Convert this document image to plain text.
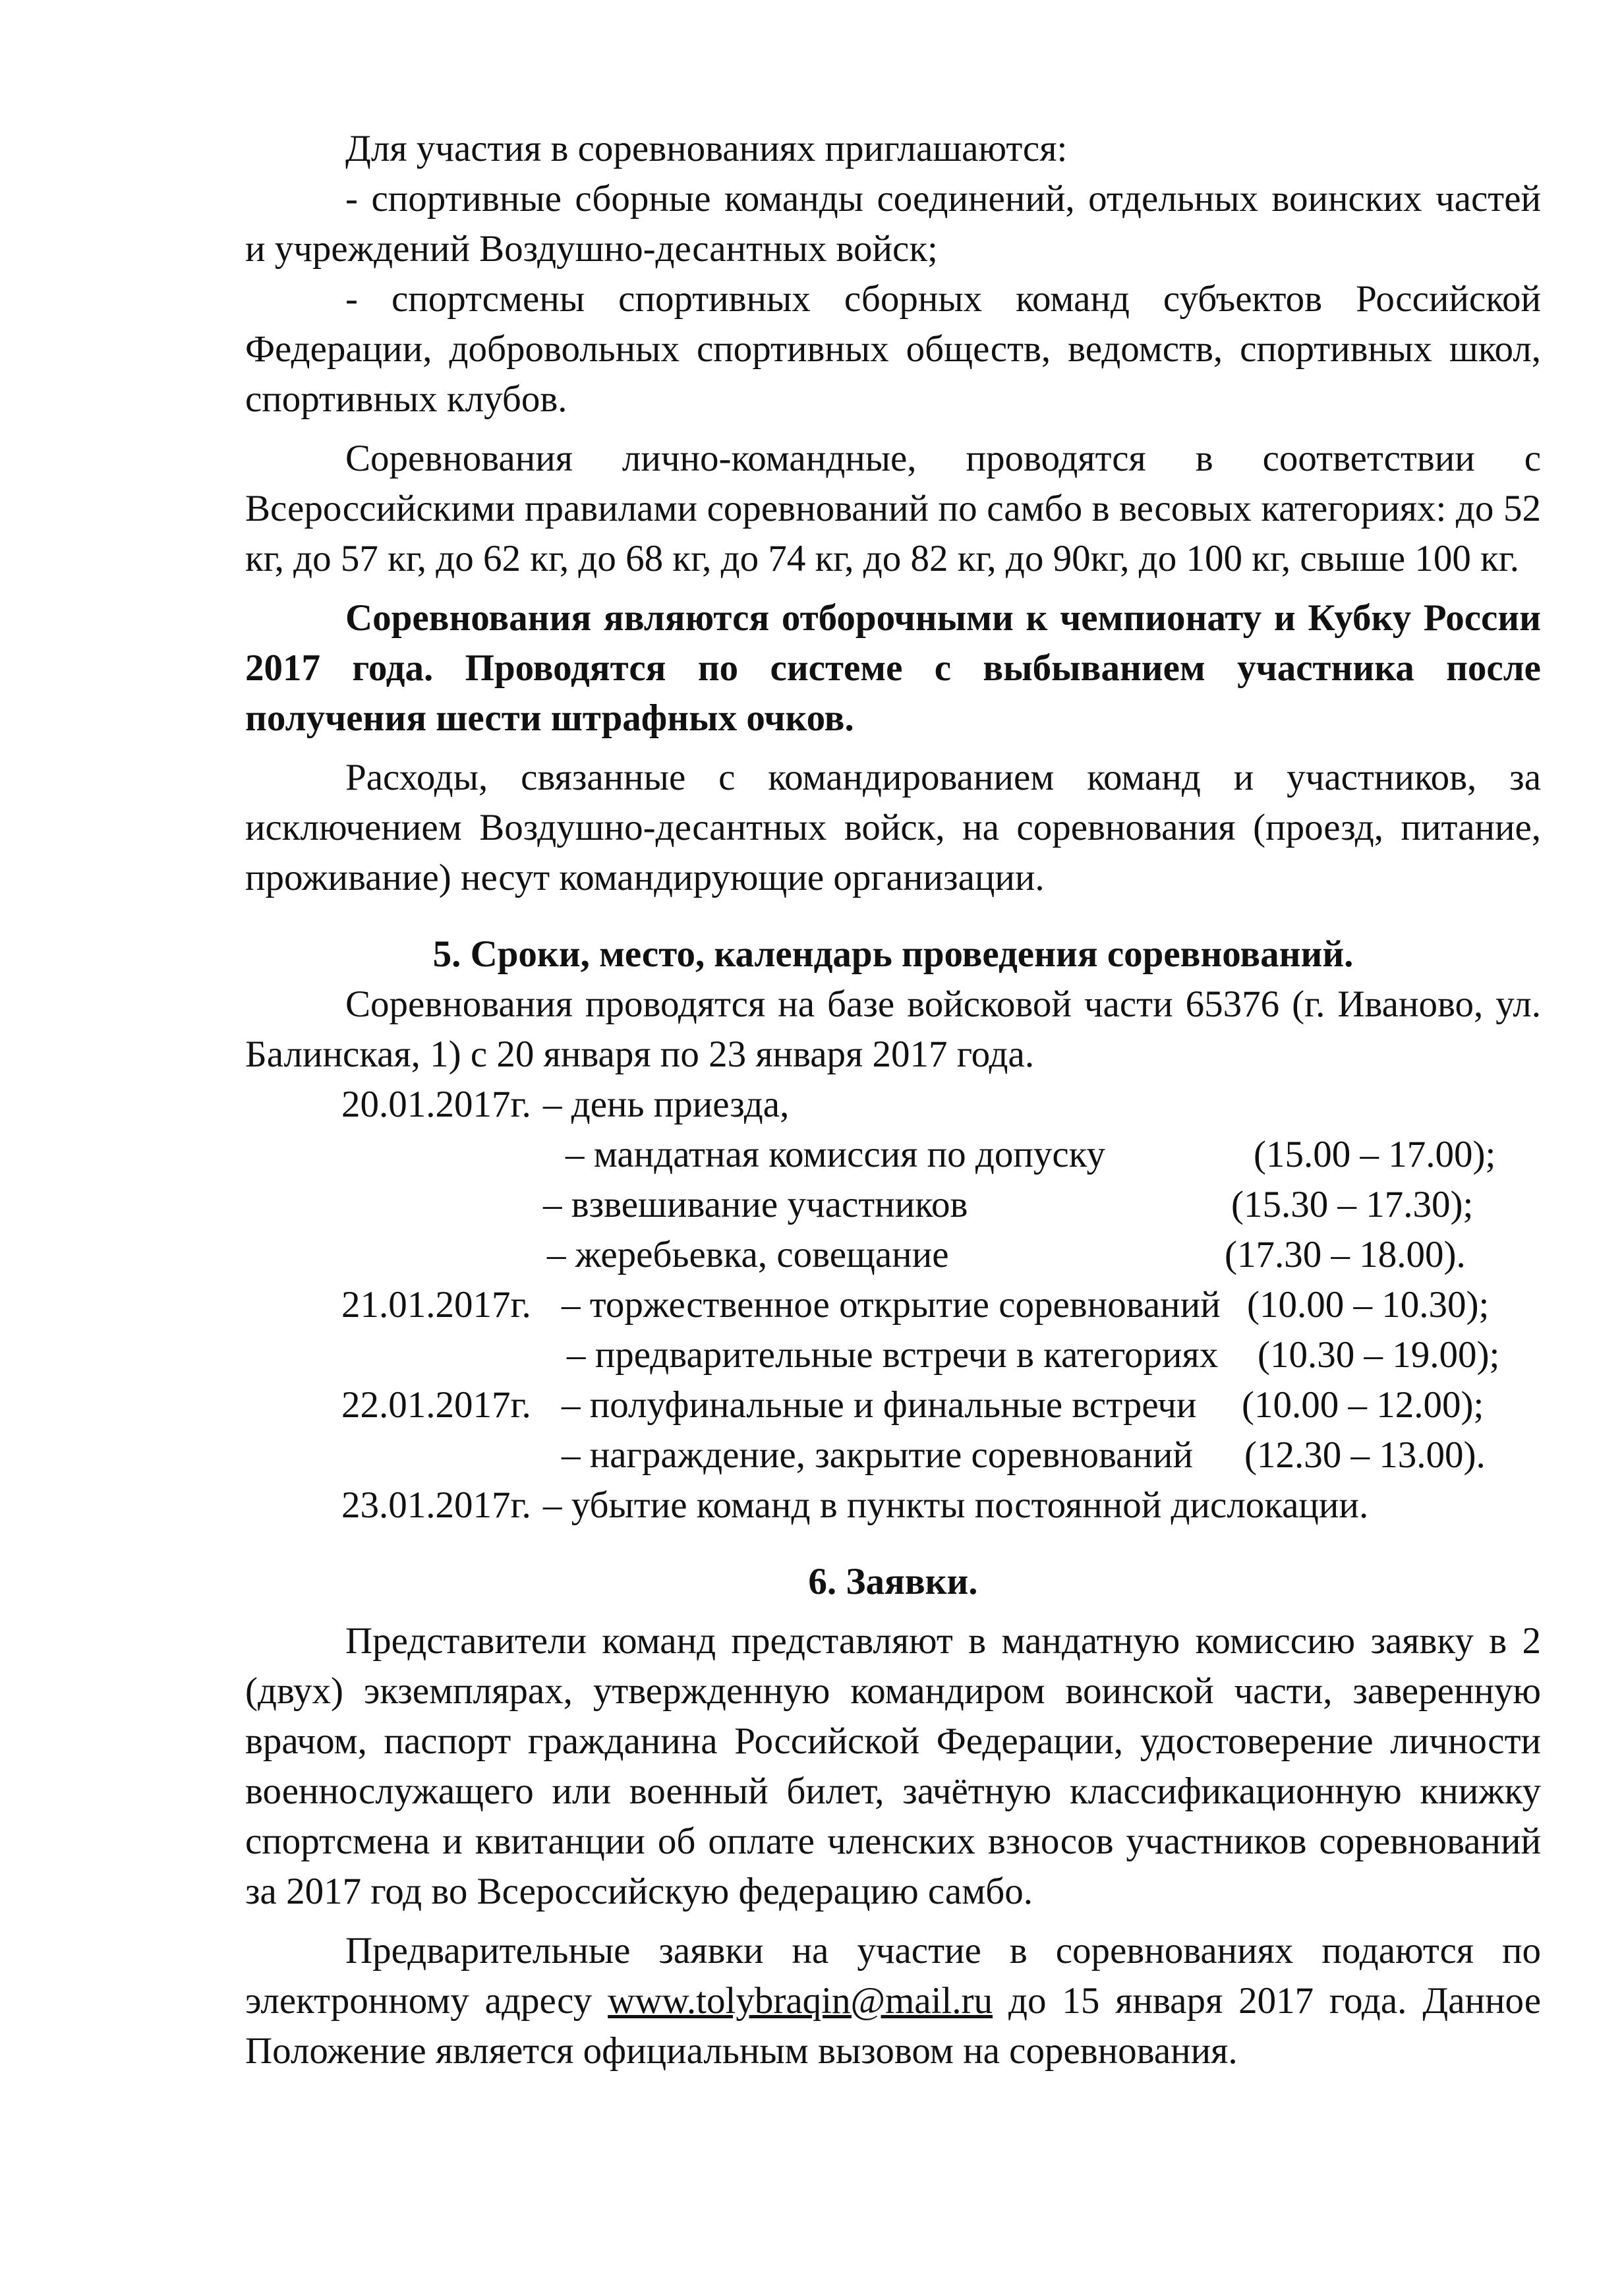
Для участия в соревнованиях приглашаются:

- спортивные сборные команды соединений, отдельных воинских частей и учреждений Воздушно-десантных войск;

- спортсмены спортивных сборных команд субъектов Российской Федерации, добровольных спортивных обществ, ведомств, спортивных школ, спортивных клубов.

Соревнования лично-командные, проводятся в соответствии с Всероссийскими правилами соревнований по самбо в весовых категориях: до 52 кг, до 57 кг, до 62 кг, до 68 кг, до 74 кг, до 82 кг, до 90кг, до 100 кг, свыше 100 кг.

Соревнования являются отборочными к чемпионату и Кубку России 2017 года. Проводятся по системе с выбыванием участника после получения шести штрафных очков.

Расходы, связанные с командированием команд и участников, за исключением Воздушно-десантных войск, на соревнования (проезд, питание, проживание) несут командирующие организации.

5. Сроки, место, календарь проведения соревнований.

Соревнования проводятся на базе войсковой части 65376 (г. Иваново, ул. Балинская, 1) с 20 января по 23 января 2017 года.

20.01.2017г. – день приезда,
– мандатная комиссия по допуску	(15.00 – 17.00);
– взвешивание участников	(15.30 – 17.30);
– жеребьевка, совещание	(17.30 – 18.00).
21.01.2017г. – торжественное открытие соревнований (10.00 – 10.30);
– предварительные встречи в категориях (10.30 – 19.00);
22.01.2017г. – полуфинальные и финальные встречи (10.00 – 12.00);
– награждение, закрытие соревнований (12.30 – 13.00).
23.01.2017г. – убытие команд в пункты постоянной дислокации.

6. Заявки.

Представители команд представляют в мандатную комиссию заявку в 2 (двух) экземплярах, утвержденную командиром воинской части, заверенную врачом, паспорт гражданина Российской Федерации, удостоверение личности военнослужащего или военный билет, зачётную классификационную книжку спортсмена и квитанции об оплате членских взносов участников соревнований за 2017 год во Всероссийскую федерацию самбо.

Предварительные заявки на участие в соревнованиях подаются по электронному адресу www.tolybraqin@mail.ru до 15 января 2017 года. Данное Положение является официальным вызовом на соревнования.
